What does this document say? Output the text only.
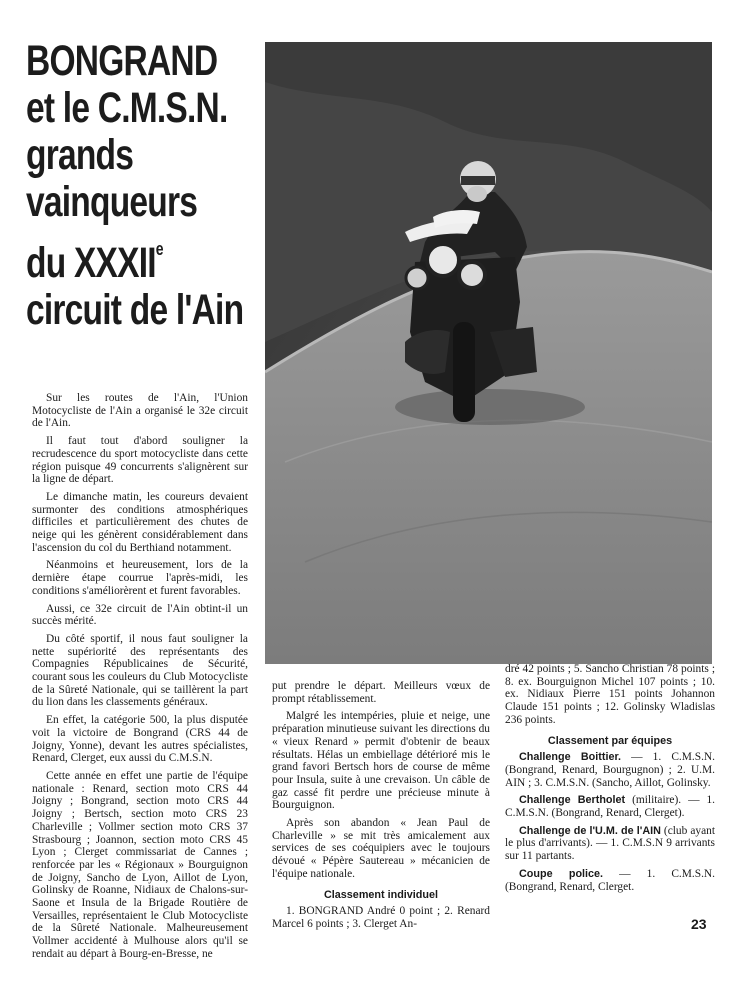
BONGRAND
et le C.M.S.N.
grands
vainqueurs
du XXXIIe
circuit de l'Ain

Sur les routes de l'Ain, l'Union Motocycliste de l'Ain a organisé le 32e circuit de l'Ain.

Il faut tout d'abord souligner la recrudescence du sport motocycliste dans cette région puisque 49 concurrents s'alignèrent sur la ligne de départ.

Le dimanche matin, les coureurs devaient surmonter des conditions atmosphériques difficiles et particulièrement des chutes de neige qui les génèrent considérablement dans l'ascension du col du Berthiand notamment.

Néanmoins et heureusement, lors de la dernière étape courrue l'après-midi, les conditions s'améliorèrent et furent favorables.

Aussi, ce 32e circuit de l'Ain obtint-il un succès mérité.

Du côté sportif, il nous faut souligner la nette supériorité des représentants des Compagnies Républicaines de Sécurité, courant sous les couleurs du Club Motocycliste de la Sûreté Nationale, qui se taillèrent la part du lion dans les classements généraux.

En effet, la catégorie 500, la plus disputée voit la victoire de Bongrand (CRS 44 de Joigny, Yonne), devant les autres spécialistes, Renard, Clerget, eux aussi du C.M.S.N.

Cette année en effet une partie de l'équipe nationale : Renard, section moto CRS 44 Joigny ; Bongrand, section moto CRS 44 Joigny ; Bertsch, section moto CRS 23 Charleville ; Vollmer section moto CRS 37 Strasbourg ; Joannon, section moto CRS 45 Lyon ; Clerget commissariat de Cannes ; renforcée par les « Régionaux » Bourguignon de Joigny, Sancho de Lyon, Aillot de Lyon, Golinsky de Roanne, Nidiaux de Chalons-sur-Saone et Insula de la Brigade Routière de Versailles, représentaient le Club Motocycliste de la Sûreté Nationale. Malheureusement Vollmer accidenté à Mulhouse alors qu'il se rendait au départ à Bourg-en-Bresse, ne

put prendre le départ. Meilleurs vœux de prompt rétablissement.

Malgré les intempéries, pluie et neige, une préparation minutieuse suivant les directions du « vieux Renard » permit d'obtenir de beaux résultats. Hélas un embiellage détérioré mis le grand favori Bertsch hors de course de même pour Insula, suite à une crevaison. Un câble de gaz cassé fit perdre une précieuse minute à Bourguignon.

Après son abandon « Jean Paul de Charleville » se mit très amicalement aux services de ses coéquipiers avec le toujours dévoué « Pépère Sautereau » mécanicien de l'équipe nationale.

Classement individuel

1. BONGRAND André 0 point ; 2. Renard Marcel 6 points ; 3. Clerget An-

dré 42 points ; 5. Sancho Christian 78 points ; 8. ex. Bourguignon Michel 107 points ; 10. ex. Nidiaux Pierre 151 points Johannon Claude 151 points ; 12. Golinsky Wladislas 236 points.

Classement par équipes

Challenge Boittier. — 1. C.M.S.N. (Bongrand, Renard, Bourgugnon) ; 2. U.M. AIN ; 3. C.M.S.N. (Sancho, Aillot, Golinsky.

Challenge Bertholet (militaire). — 1. C.M.S.N. (Bongrand, Renard, Clerget).

Challenge de l'U.M. de l'AIN (club ayant le plus d'arrivants). — 1. C.M.S.N 9 arrivants sur 11 partants.

Coupe police. — 1. C.M.S.N. (Bongrand, Renard, Clerget.

23
